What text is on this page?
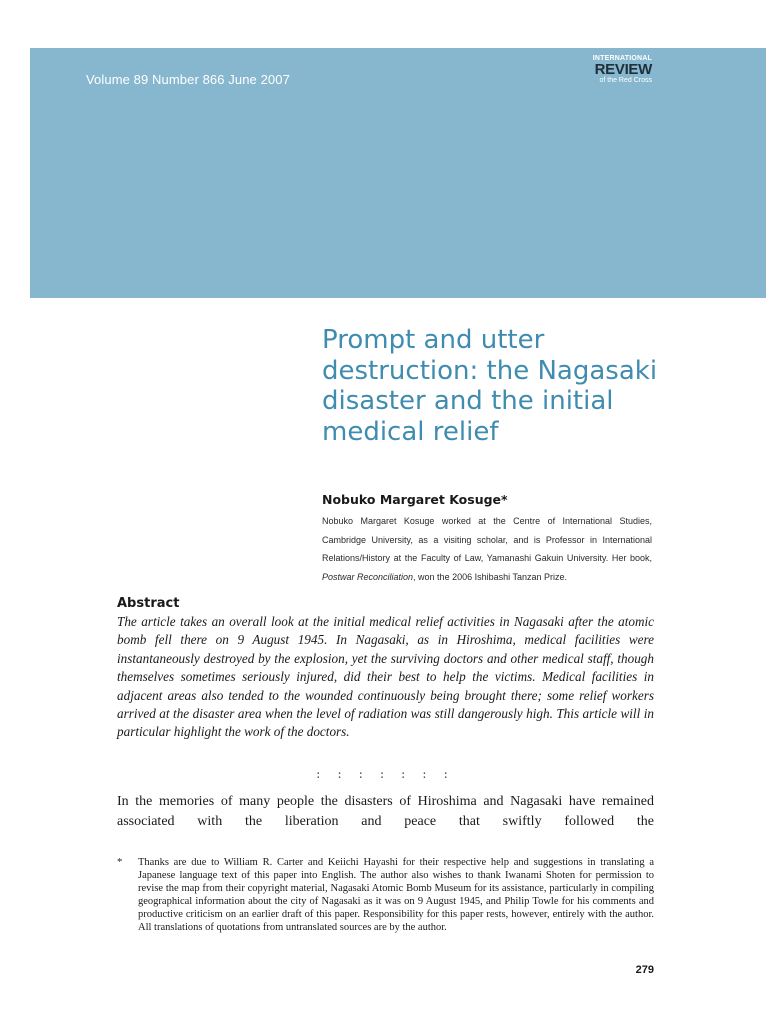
Volume 89 Number 866 June 2007
INTERNATIONAL
REVIEW
of the Red Cross
Prompt and utter destruction: the Nagasaki disaster and the initial medical relief
Nobuko Margaret Kosuge*
Nobuko Margaret Kosuge worked at the Centre of International Studies, Cambridge University, as a visiting scholar, and is Professor in International Relations/History at the Faculty of Law, Yamanashi Gakuin University. Her book, Postwar Reconciliation, won the 2006 Ishibashi Tanzan Prize.
Abstract
The article takes an overall look at the initial medical relief activities in Nagasaki after the atomic bomb fell there on 9 August 1945. In Nagasaki, as in Hiroshima, medical facilities were instantaneously destroyed by the explosion, yet the surviving doctors and other medical staff, though themselves sometimes seriously injured, did their best to help the victims. Medical facilities in adjacent areas also tended to the wounded continuously being brought there; some relief workers arrived at the disaster area when the level of radiation was still dangerously high. This article will in particular highlight the work of the doctors.
: : : : : : :
In the memories of many people the disasters of Hiroshima and Nagasaki have remained associated with the liberation and peace that swiftly followed the
* Thanks are due to William R. Carter and Keiichi Hayashi for their respective help and suggestions in translating a Japanese language text of this paper into English. The author also wishes to thank Iwanami Shoten for permission to revise the map from their copyright material, Nagasaki Atomic Bomb Museum for its assistance, particularly in compiling geographical information about the city of Nagasaki as it was on 9 August 1945, and Philip Towle for his comments and productive criticism on an earlier draft of this paper. Responsibility for this paper rests, however, entirely with the author. All translations of quotations from untranslated sources are by the author.
279
